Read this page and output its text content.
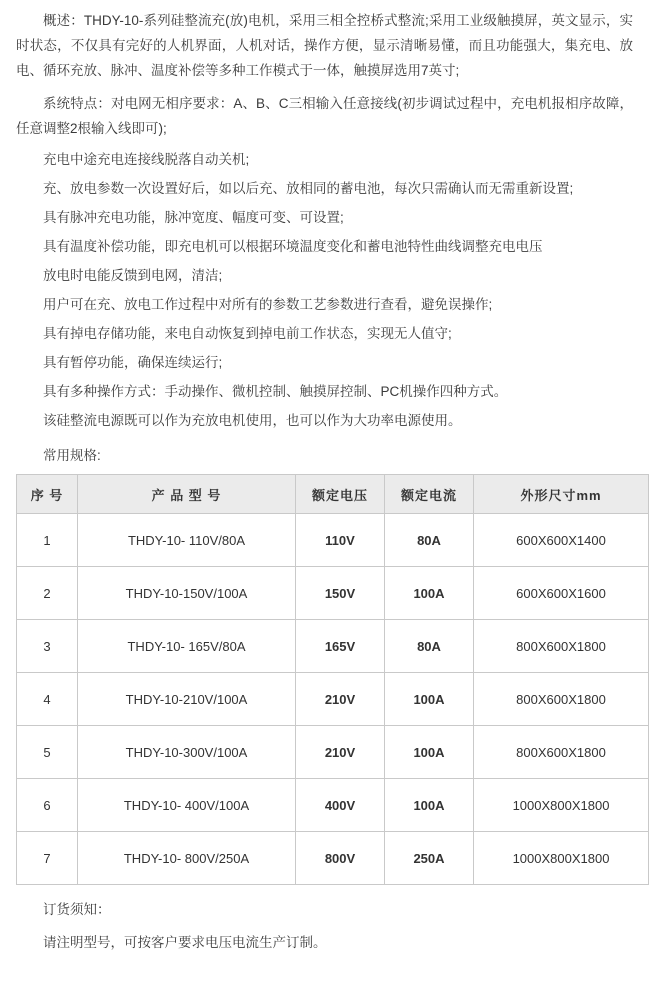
概述：THDY-10-系列硅整流充(放)电机，采用三相全控桥式整流;采用工业级触摸屏，英文显示，实时状态，不仅具有完好的人机界面，人机对话，操作方便，显示清晰易懂，而且功能强大，集充电、放电、循环充放、脉冲、温度补偿等多种工作模式于一体，触摸屏选用7英寸;

系统特点：对电网无相序要求：A、B、C三相输入任意接线(初步调试过程中，充电机报相序故障，任意调整2根输入线即可);

充电中途充电连接线脱落自动关机;

充、放电参数一次设置好后，如以后充、放相同的蓄电池，每次只需确认而无需重新设置;

具有脉冲充电功能，脉冲宽度、幅度可变、可设置;

具有温度补偿功能，即充电机可以根据环境温度变化和蓄电池特性曲线调整充电电压

放电时电能反馈到电网，清洁;

用户可在充、放电工作过程中对所有的参数工艺参数进行查看，避免误操作;

具有掉电存储功能，来电自动恢复到掉电前工作状态，实现无人值守;

具有暂停功能，确保连续运行;

具有多种操作方式：手动操作、微机控制、触摸屏控制、PC机操作四种方式。

该硅整流电源既可以作为充放电机使用，也可以作为大功率电源使用。

常用规格:

序 号	产 品 型 号	额定电压	额定电流	外形尺寸mm
1	THDY-10- 110V/80A	110V	80A	600X600X1400
2	THDY-10-150V/100A	150V	100A	600X600X1600
3	THDY-10- 165V/80A	165V	80A	800X600X1800
4	THDY-10-210V/100A	210V	100A	800X600X1800
5	THDY-10-300V/100A	210V	100A	800X600X1800
6	THDY-10- 400V/100A	400V	100A	1000X800X1800
7	THDY-10- 800V/250A	800V	250A	1000X800X1800

订货须知：

请注明型号，可按客户要求电压电流生产订制。
